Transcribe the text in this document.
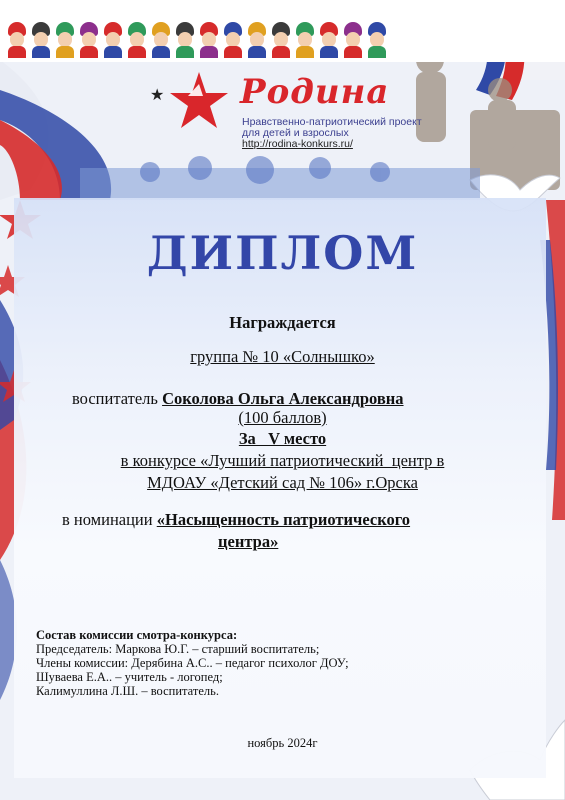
★ Родина
Нравственно-патриотический проект
для детей и взрослых
http://rodina-konkurs.ru/
ДИПЛОМ
Награждается
группа № 10 «Солнышко»
воспитатель Соколова Ольга Александровна
(100 баллов)
За   V место
в конкурсе «Лучший патриотический  центр в
МДОАУ «Детский сад № 106» г.Орска
в номинации «Насыщенность патриотического
центра»
Состав комиссии смотра-конкурса:
Председатель: Маркова Ю.Г. – старший воспитатель;
Члены комиссии: Дерябина А.С.. – педагог психолог ДОУ;
Шуваева Е.А.. – учитель - логопед;
Калимуллина Л.Ш. – воспитатель.
ноябрь 2024г
